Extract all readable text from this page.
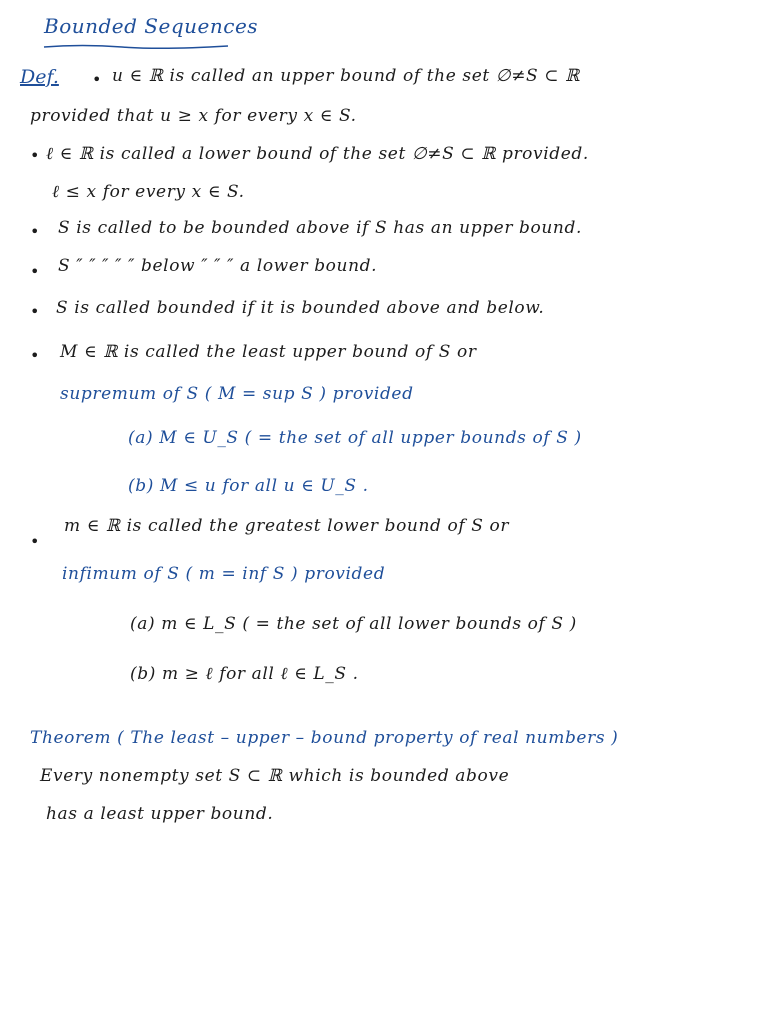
Bounded Sequences
Def. • u ∈ ℝ is called an upper bound of the set ∅≠S ⊂ ℝ
provided that u ≥ x for every x ∈ S.
• ℓ ∈ ℝ is called a lower bound of the set ∅≠S ⊂ ℝ provided.
ℓ ≤ x for every x ∈ S.
• S is called to be bounded above if S has an upper bound.
• S ″ ″ ″ ″ ″ below ″ ″ ″ a lower bound.
• S is called bounded if it is bounded above and below.
• M ∈ ℝ is called the least upper bound of S or
supremum of S ( M = sup S ) provided
(a) M ∈ U_S ( = the set of all upper bounds of S )
(b) M ≤ u for all u ∈ U_S .
•
m ∈ ℝ is called the greatest lower bound of S or
infimum of S ( m = inf S ) provided
(a) m ∈ L_S ( = the set of all lower bounds of S )
(b) m ≥ ℓ for all ℓ ∈ L_S .
Theorem ( The least – upper – bound property of real numbers )
Every nonempty set S ⊂ ℝ which is bounded above
has a least upper bound.
